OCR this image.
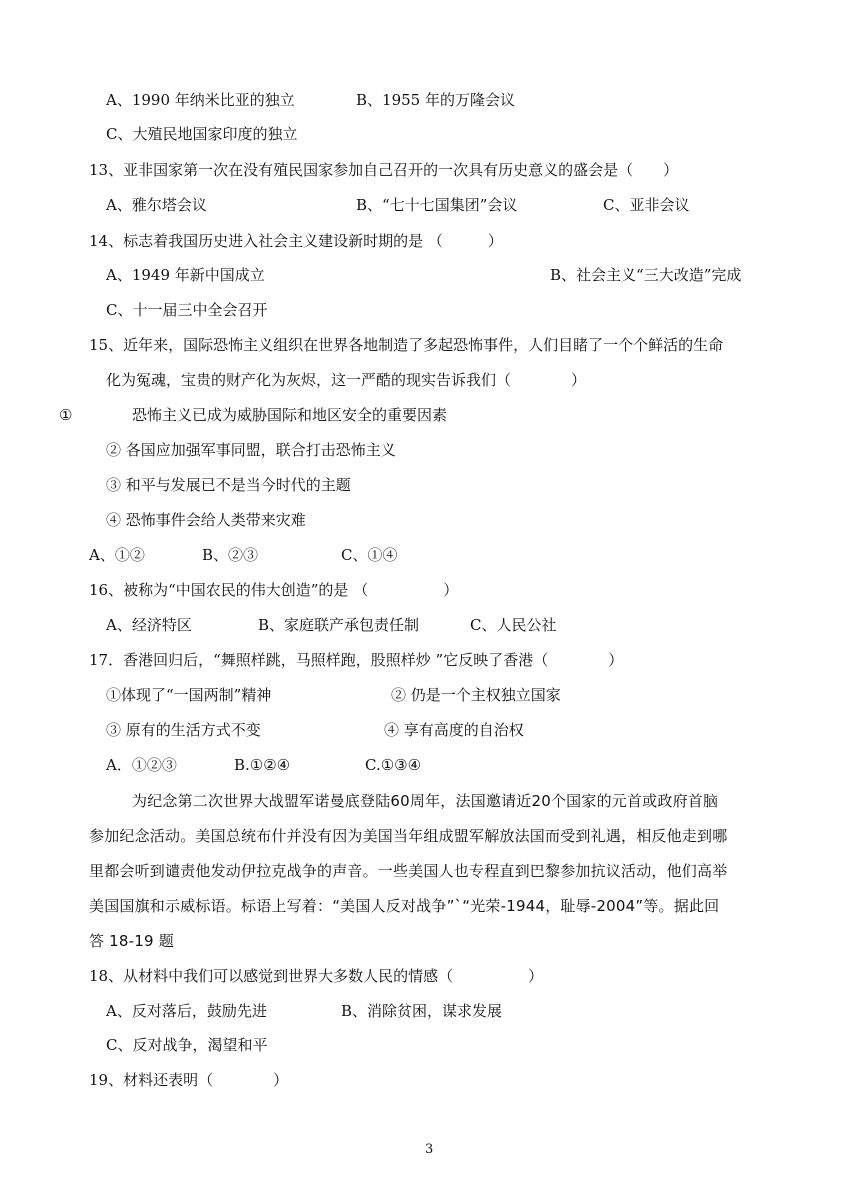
A、1990 年纳米比亚的独立	B、1955 年的万隆会议
C、大殖民地国家印度的独立
13、亚非国家第一次在没有殖民国家参加自己召开的一次具有历史意义的盛会是（　　）
A、雅尔塔会议	B、“七十七国集团”会议	C、亚非会议
14、标志着我国历史进入社会主义建设新时期的是 （　　　）
A、1949 年新中国成立	B、社会主义“三大改造”完成
C、十一届三中全会召开
15、近年来，国际恐怖主义组织在世界各地制造了多起恐怖事件，人们目睹了一个个鲜活的生命
化为冤魂，宝贵的财产化为灰烬，这一严酷的现实告诉我们（　　　　）
①	恐怖主义已成为威胁国际和地区安全的重要因素
② 各国应加强军事同盟，联合打击恐怖主义
③ 和平与发展已不是当今时代的主题
④ 恐怖事件会给人类带来灾难
A、①②	B、②③	C、①④
16、被称为“中国农民的伟大创造”的是 （　　　　　）
A、经济特区	B、家庭联产承包责任制	C、人民公社
17．香港回归后，“舞照样跳，马照样跑，股照样炒 ”它反映了香港（　　　　）
①体现了“一国两制”精神	② 仍是一个主权独立国家
③ 原有的生活方式不变	④ 享有高度的自治权
A．①②③	B.①②④	C.①③④
为纪念第二次世界大战盟军诺曼底登陆60周年，法国邀请近20个国家的元首或政府首脑
参加纪念活动。美国总统布什并没有因为美国当年组成盟军解放法国而受到礼遇，相反他走到哪
里都会听到谴责他发动伊拉克战争的声音。一些美国人也专程直到巴黎参加抗议活动，他们高举
美国国旗和示威标语。标语上写着：“美国人反对战争”`“光荣-1944，耻辱-2004”等。据此回
答 18-19 题
18、从材料中我们可以感觉到世界大多数人民的情感（　　　　　）
A、反对落后，鼓励先进	B、消除贫困，谋求发展
C、反对战争，渴望和平
19、材料还表明（　　　　）
3
